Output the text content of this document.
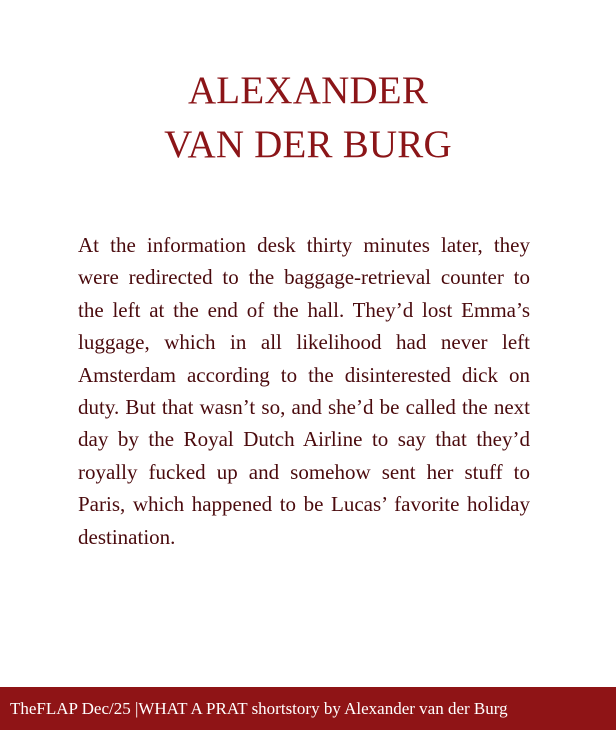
ALEXANDER
VAN DER BURG

At the information desk thirty minutes later, they were redirected to the baggage-retrieval counter to the left at the end of the hall. They’d lost Emma’s luggage, which in all likelihood had never left Amsterdam according to the disinterested dick on duty. But that wasn’t so, and she’d be called the next day by the Royal Dutch Airline to say that they’d royally fucked up and somehow sent her stuff to Paris, which happened to be Lucas’ favorite holiday destination.

TheFLAP Dec/25 |WHAT A PRAT shortstory by Alexander van der Burg
